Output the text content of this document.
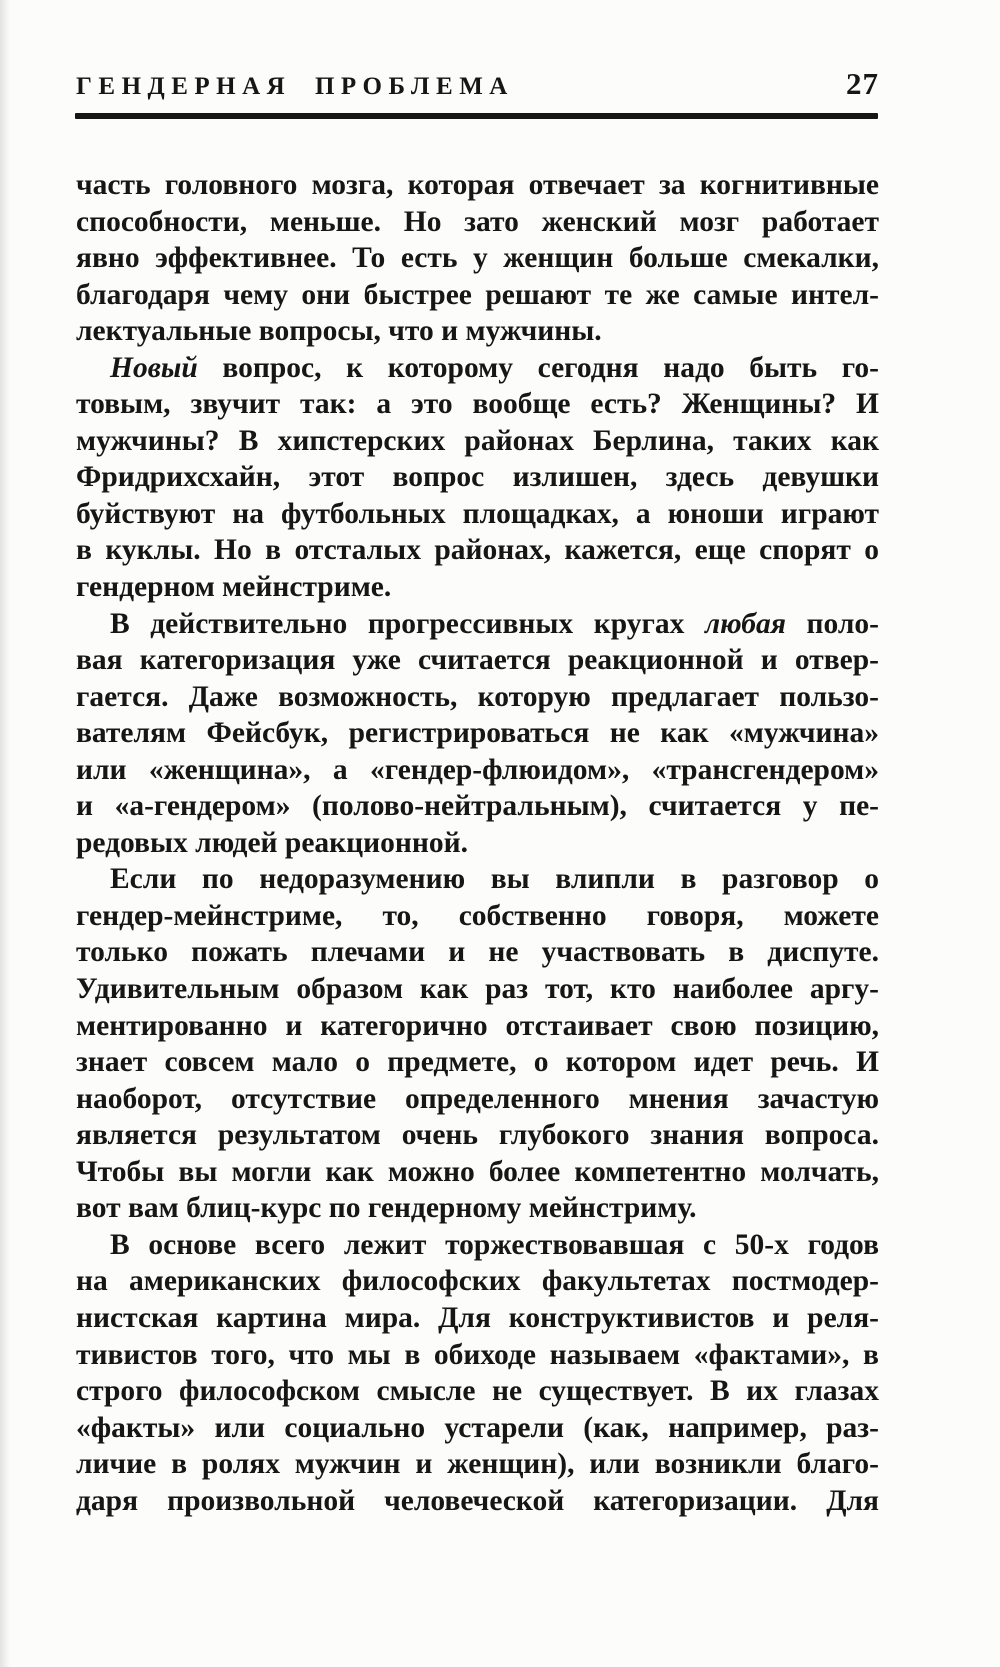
ГЕНДЕРНАЯ ПРОБЛЕМА	27
часть головного мозга, которая отвечает за когнитивные
способности, меньше. Но зато женский мозг работает
явно эффективнее. То есть у женщин больше смекалки,
благодаря чему они быстрее решают те же самые интел-
лектуальные вопросы, что и мужчины.
Новый вопрос, к которому сегодня надо быть го-
товым, звучит так: а это вообще есть? Женщины? И
мужчины? В хипстерских районах Берлина, таких как
Фридрихсхайн, этот вопрос излишен, здесь девушки
буйствуют на футбольных площадках, а юноши играют
в куклы. Но в отсталых районах, кажется, еще спорят о
гендерном мейнстриме.
В действительно прогрессивных кругах любая поло-
вая категоризация уже считается реакционной и отвер-
гается. Даже возможность, которую предлагает пользо-
вателям Фейсбук, регистрироваться не как «мужчина»
или «женщина», а «гендер-флюидом», «трансгендером»
и «а-гендером» (полово-нейтральным), считается у пе-
редовых людей реакционной.
Если по недоразумению вы влипли в разговор о
гендер-мейнстриме, то, собственно говоря, можете
только пожать плечами и не участвовать в диспуте.
Удивительным образом как раз тот, кто наиболее аргу-
ментированно и категорично отстаивает свою позицию,
знает совсем мало о предмете, о котором идет речь. И
наоборот, отсутствие определенного мнения зачастую
является результатом очень глубокого знания вопроса.
Чтобы вы могли как можно более компетентно молчать,
вот вам блиц-курс по гендерному мейнстриму.
В основе всего лежит торжествовавшая с 50-х годов
на американских философских факультетах постмодер-
нистская картина мира. Для конструктивистов и реля-
тивистов того, что мы в обиходе называем «фактами», в
строго философском смысле не существует. В их глазах
«факты» или социально устарели (как, например, раз-
личие в ролях мужчин и женщин), или возникли благо-
даря произвольной человеческой категоризации. Для
